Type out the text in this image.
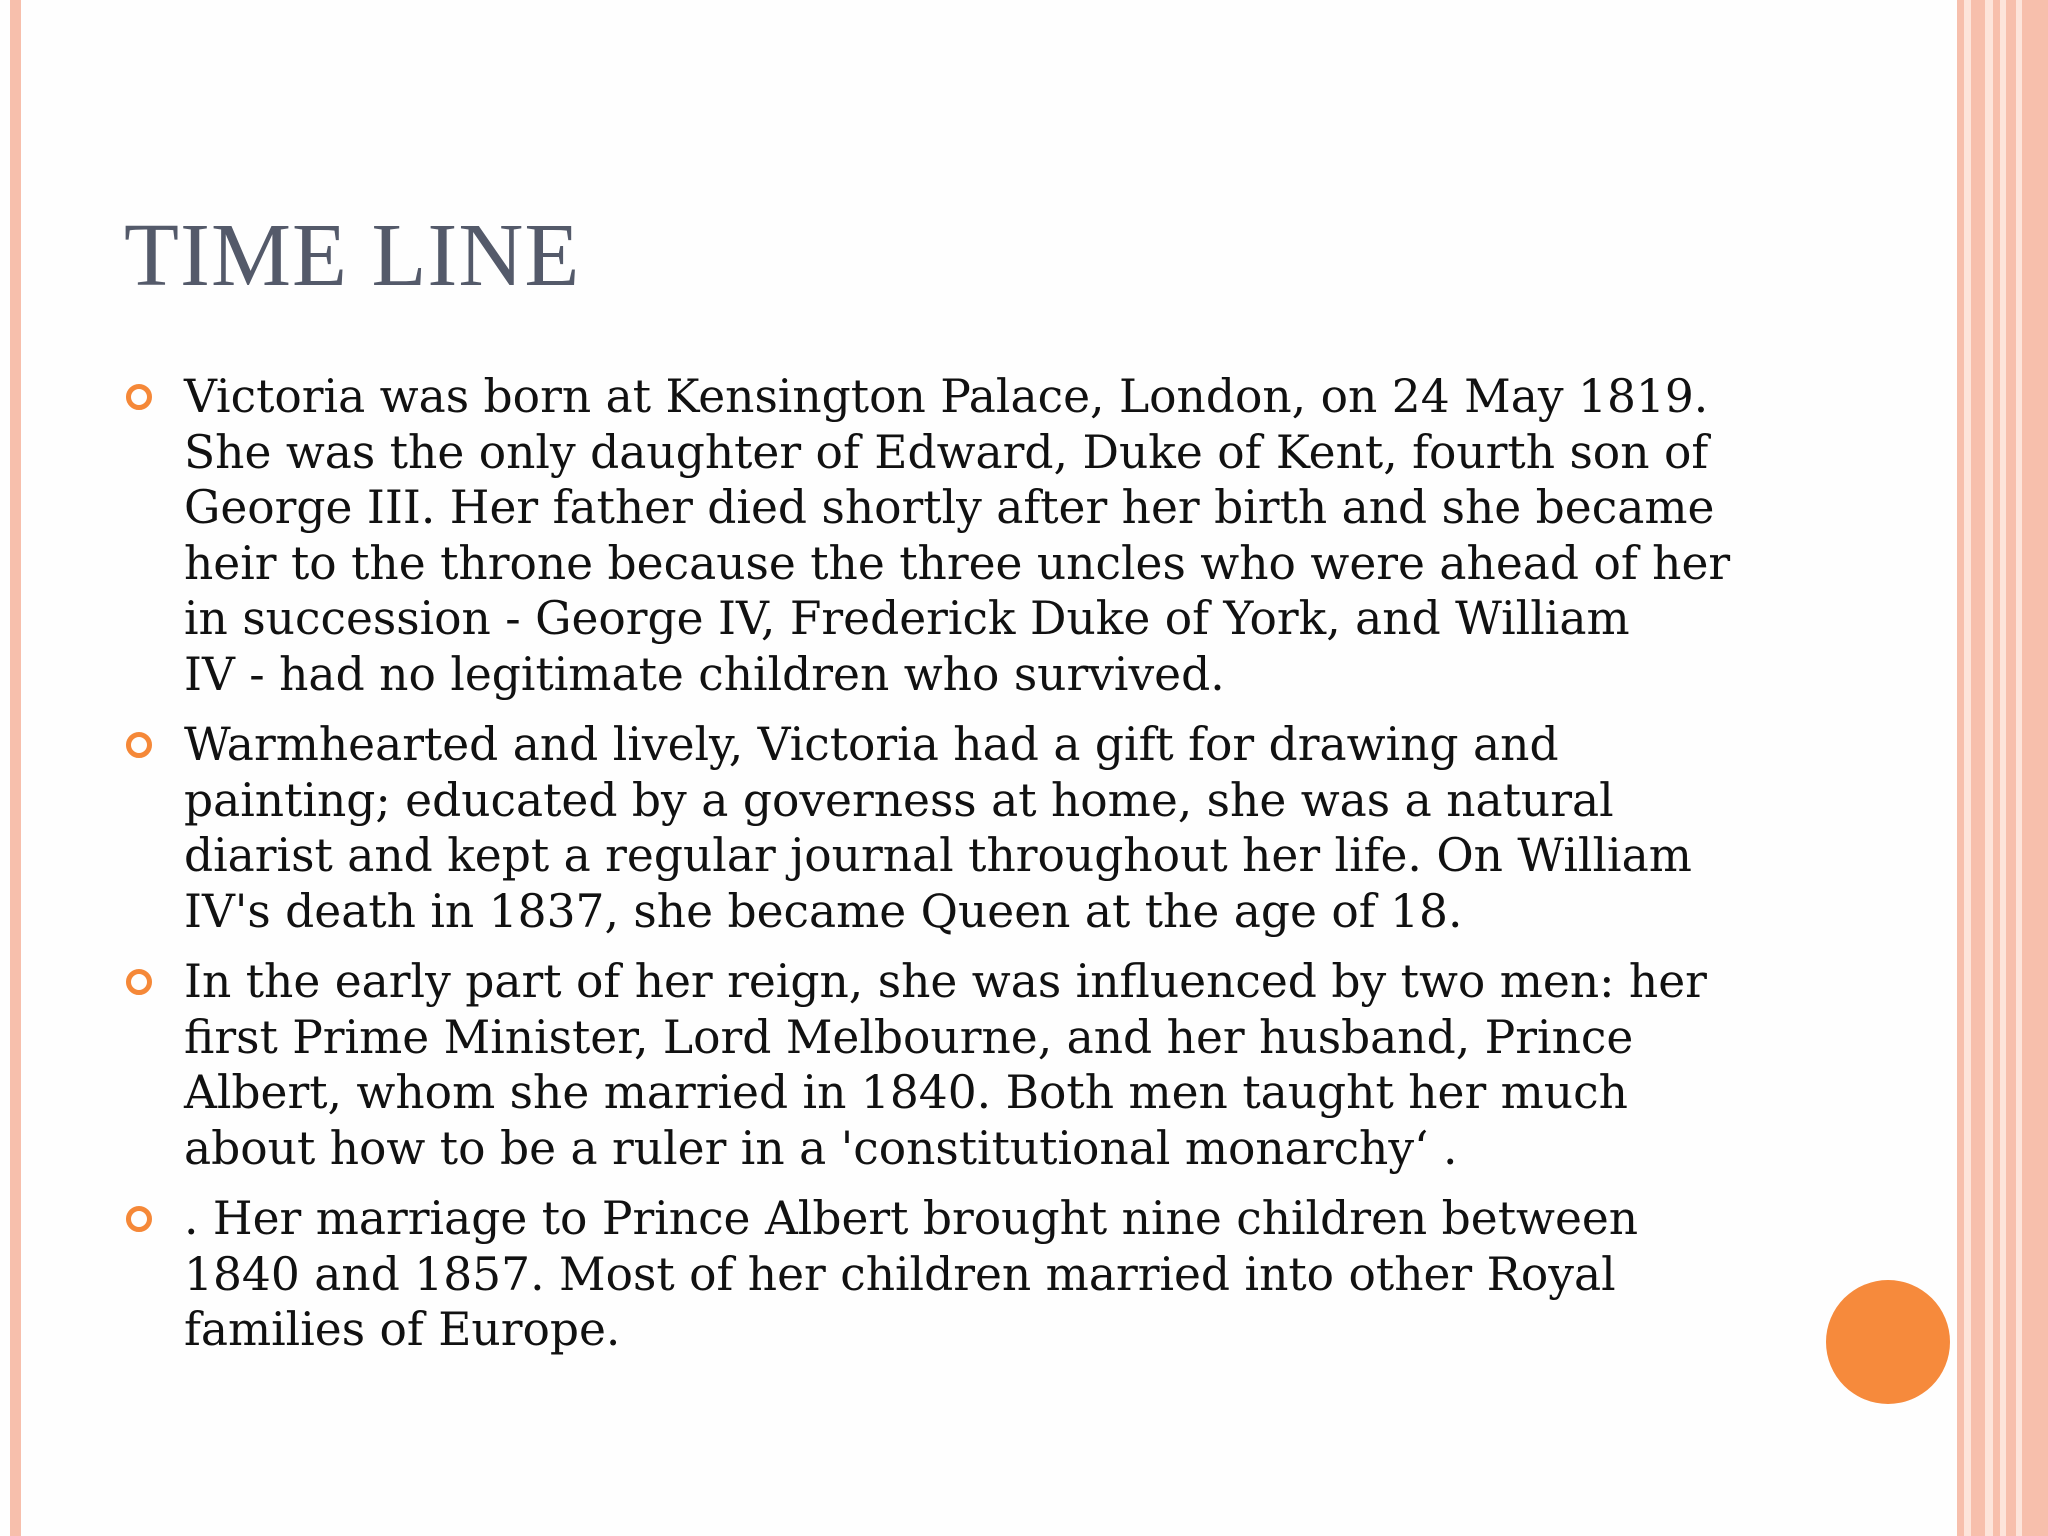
TIME LINE
Victoria was born at Kensington Palace, London, on 24 May 1819.
She was the only daughter of Edward, Duke of Kent, fourth son of
George III. Her father died shortly after her birth and she became
heir to the throne because the three uncles who were ahead of her
in succession - George IV, Frederick Duke of York, and William
IV - had no legitimate children who survived.
Warmhearted and lively, Victoria had a gift for drawing and
painting; educated by a governess at home, she was a natural
diarist and kept a regular journal throughout her life. On William
IV's death in 1837, she became Queen at the age of 18.
In the early part of her reign, she was influenced by two men: her
first Prime Minister, Lord Melbourne, and her husband, Prince
Albert, whom she married in 1840. Both men taught her much
about how to be a ruler in a 'constitutional monarchy‘ .
. Her marriage to Prince Albert brought nine children between
1840 and 1857. Most of her children married into other Royal
families of Europe.
